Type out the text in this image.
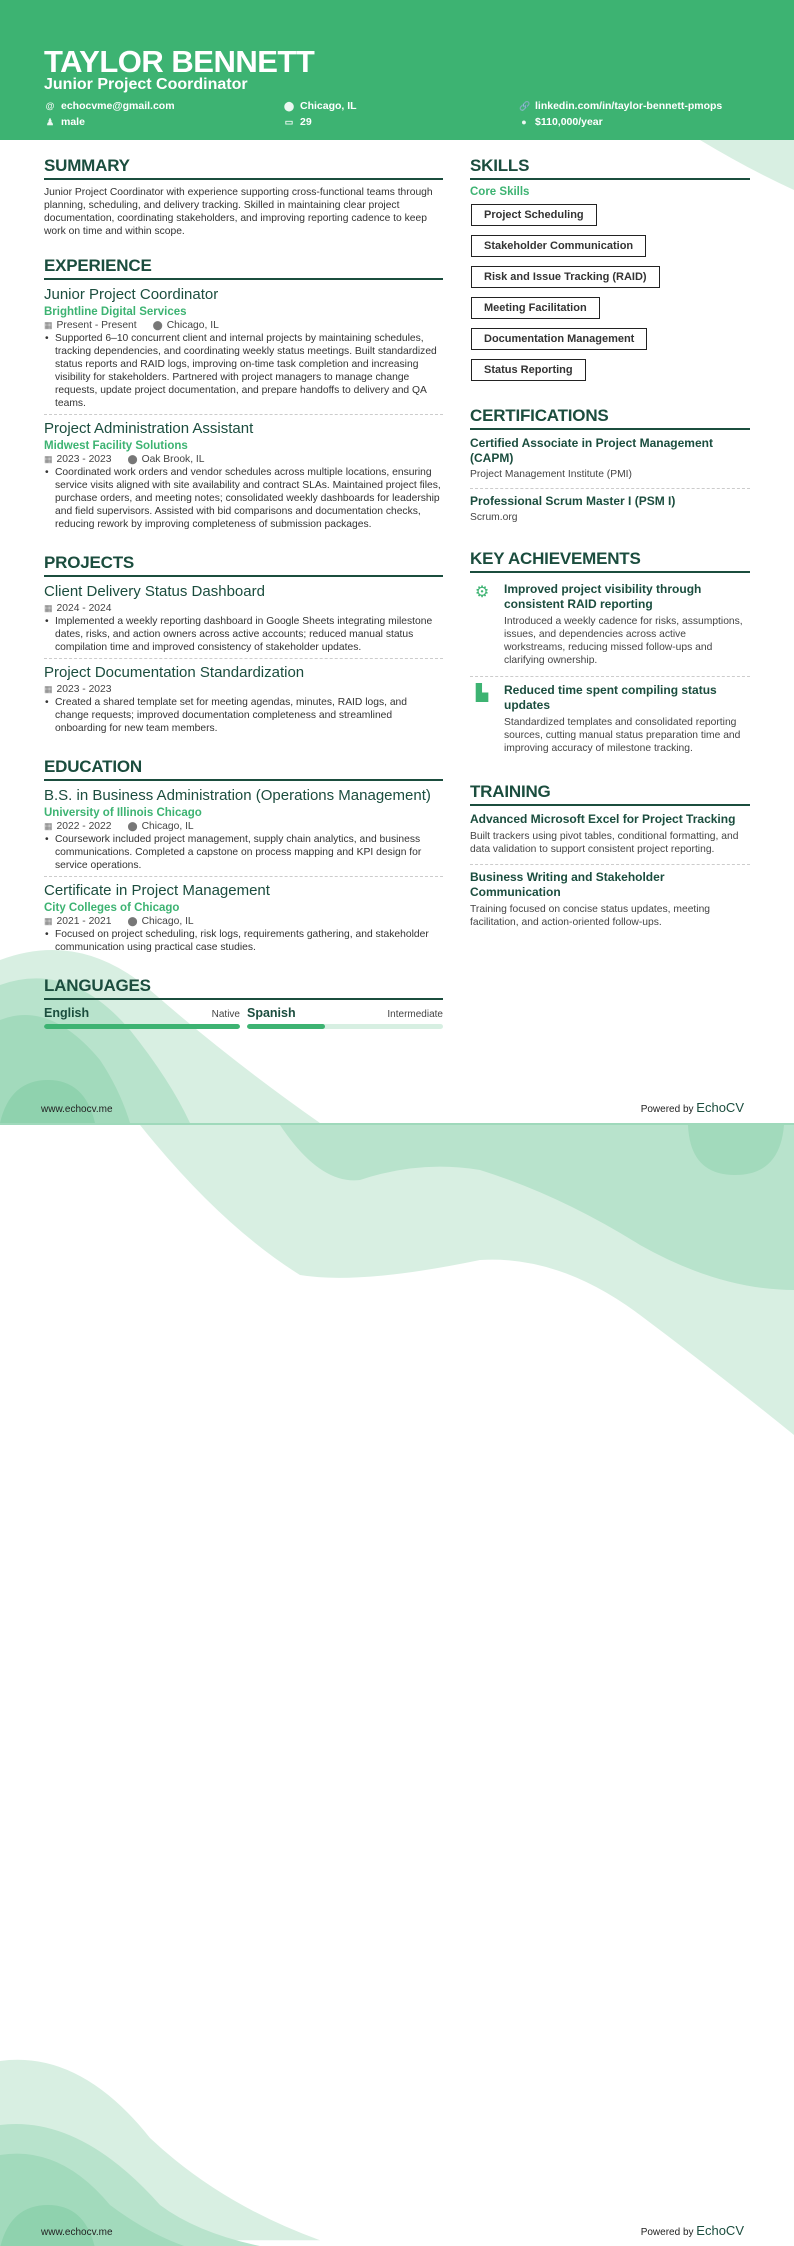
TAYLOR BENNETT
Junior Project Coordinator
@ echocvme@gmail.com	⬤ Chicago, IL	🔗 linkedin.com/in/taylor-bennett-pmops
♟ male	▭ 29	● $110,000/year
SUMMARY

Junior Project Coordinator with experience supporting cross-functional teams through planning, scheduling, and delivery tracking. Skilled in maintaining clear project documentation, coordinating stakeholders, and improving reporting cadence to keep work on time and within scope.

EXPERIENCE
Junior Project Coordinator
Brightline Digital Services
▦ Present - Present ⬤ Chicago, IL
• Supported 6–10 concurrent client and internal projects by maintaining schedules, tracking dependencies, and coordinating weekly status meetings. Built standardized status reports and RAID logs, improving on-time task completion and increasing visibility for stakeholders. Partnered with project managers to manage change requests, update project documentation, and prepare handoffs to delivery and QA teams.
Project Administration Assistant
Midwest Facility Solutions
▦ 2023 - 2023 ⬤ Oak Brook, IL
• Coordinated work orders and vendor schedules across multiple locations, ensuring service visits aligned with site availability and contract SLAs. Maintained project files, purchase orders, and meeting notes; consolidated weekly dashboards for leadership and field supervisors. Assisted with bid comparisons and documentation checks, reducing rework by improving completeness of submission packages.
PROJECTS
Client Delivery Status Dashboard
▦ 2024 - 2024
• Implemented a weekly reporting dashboard in Google Sheets integrating milestone dates, risks, and action owners across active accounts; reduced manual status compilation time and improved consistency of stakeholder updates.
Project Documentation Standardization
▦ 2023 - 2023
• Created a shared template set for meeting agendas, minutes, RAID logs, and change requests; improved documentation completeness and streamlined onboarding for new team members.
EDUCATION
B.S. in Business Administration (Operations Management)
University of Illinois Chicago
▦ 2022 - 2022 ⬤ Chicago, IL
• Coursework included project management, supply chain analytics, and business communications. Completed a capstone on process mapping and KPI design for service operations.
Certificate in Project Management
City Colleges of Chicago
▦ 2021 - 2021 ⬤ Chicago, IL
• Focused on project scheduling, risk logs, requirements gathering, and stakeholder communication using practical case studies.
LANGUAGES
English	Native Spanish	Intermediate
SKILLS
Core Skills
Project Scheduling
Stakeholder Communication
Risk and Issue Tracking (RAID)
Meeting Facilitation
Documentation Management
Status Reporting
CERTIFICATIONS
Certified Associate in Project Management (CAPM)
Project Management Institute (PMI)
Professional Scrum Master I (PSM I)
Scrum.org
KEY ACHIEVEMENTS
⚙ Improved project visibility through consistent RAID reporting
Introduced a weekly cadence for risks, assumptions, issues, and dependencies across active workstreams, reducing missed follow-ups and clarifying ownership.
▙ Reduced time spent compiling status updates
Standardized templates and consolidated reporting sources, cutting manual status preparation time and improving accuracy of milestone tracking.
TRAINING
Advanced Microsoft Excel for Project Tracking
Built trackers using pivot tables, conditional formatting, and data validation to support consistent project reporting.
Business Writing and Stakeholder Communication
Training focused on concise status updates, meeting facilitation, and action-oriented follow-ups.
www.echocv.me	Powered by EchoCV
www.echocv.me	Powered by EchoCV
